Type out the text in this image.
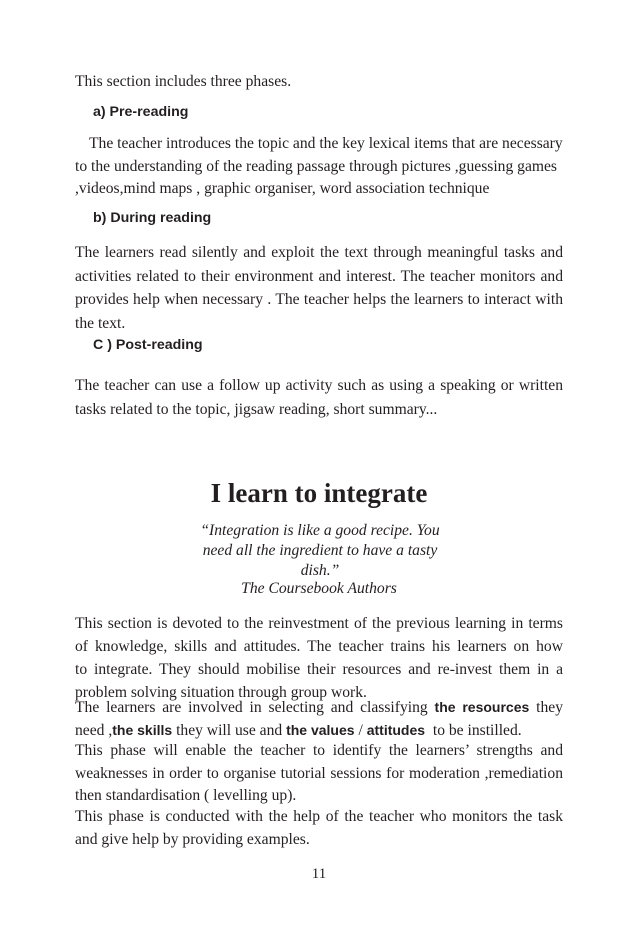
This section includes three phases.
a) Pre-reading
The teacher introduces the topic and the key lexical items that are necessary
to the understanding of the reading passage through pictures ,guessing games
,videos,mind maps , graphic organiser, word association technique
b) During reading
The learners read silently and exploit the text through meaningful tasks and
activities related to their environment and interest. The teacher monitors and
provides help when necessary . The teacher helps the learners to interact with
the text.
C ) Post-reading
The teacher can use a follow up activity such as using a speaking or written
tasks related to the topic, jigsaw reading, short summary...
I learn to integrate
“Integration is like a good recipe. You
need all the ingredient to have a tasty
dish.”
The Coursebook Authors
This section is devoted to the reinvestment of the previous learning in terms
of knowledge, skills and attitudes. The teacher trains his learners on how
to integrate. They should mobilise their resources and re-invest them in a
problem solving situation through group work.
The learners are involved in selecting and classifying the resources they
need ,the skills they will use and the values / attitudes to be instilled.
This phase will enable the teacher to identify the learners’ strengths and
weaknesses in order to organise tutorial sessions for moderation ,remediation
then standardisation ( levelling up).
This phase is conducted with the help of the teacher who monitors the task
and give help by providing examples.
11
